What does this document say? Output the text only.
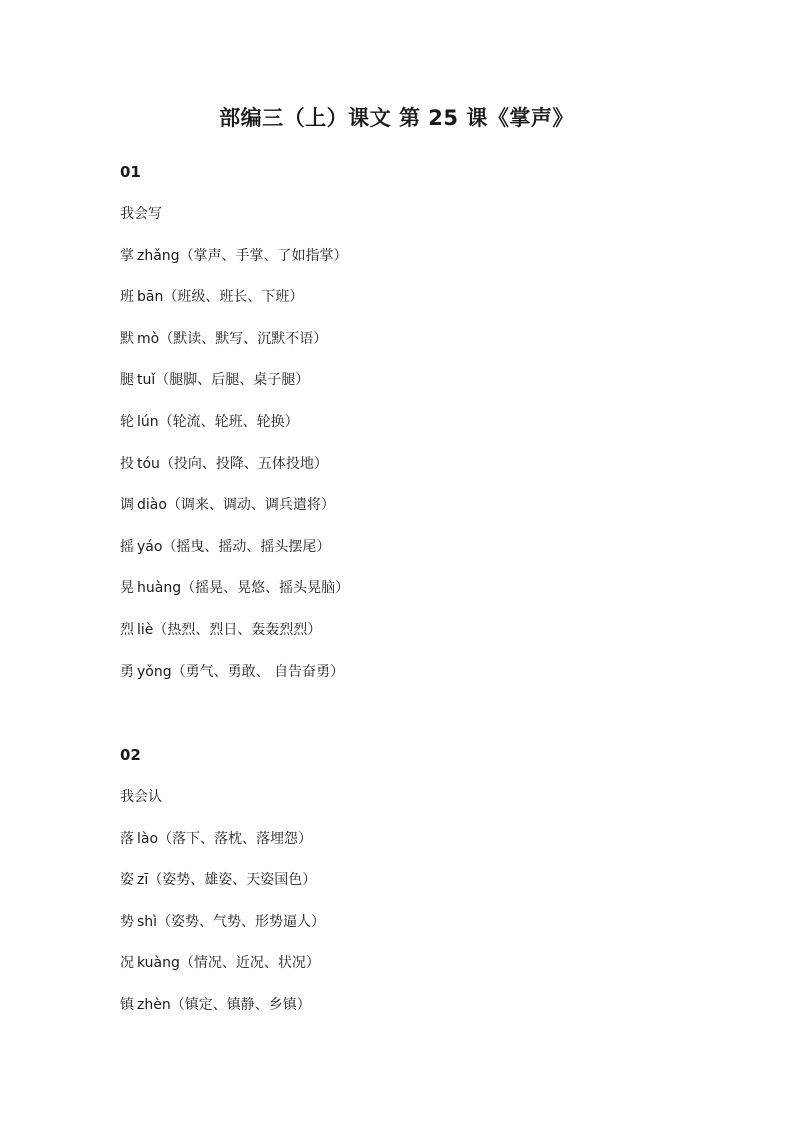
部编三（上）课文 第 25 课《掌声》
01
我会写
掌 zhǎng（掌声、手掌、了如指掌）
班 bān（班级、班长、下班）
默 mò（默读、默写、沉默不语）
腿 tuǐ（腿脚、后腿、桌子腿）
轮 lún（轮流、轮班、轮换）
投 tóu（投向、投降、五体投地）
调 diào（调来、调动、调兵遣将）
摇 yáo（摇曳、摇动、摇头摆尾）
晃 huàng（摇晃、晃悠、摇头晃脑）
烈 liè（热烈、烈日、轰轰烈烈）
勇 yǒng（勇气、勇敢、 自告奋勇）
02
我会认
落 lào（落下、落枕、落埋怨）
姿 zī（姿势、雄姿、天姿国色）
势 shì（姿势、气势、形势逼人）
况 kuàng（情况、近况、状况）
镇 zhèn（镇定、镇静、乡镇）
